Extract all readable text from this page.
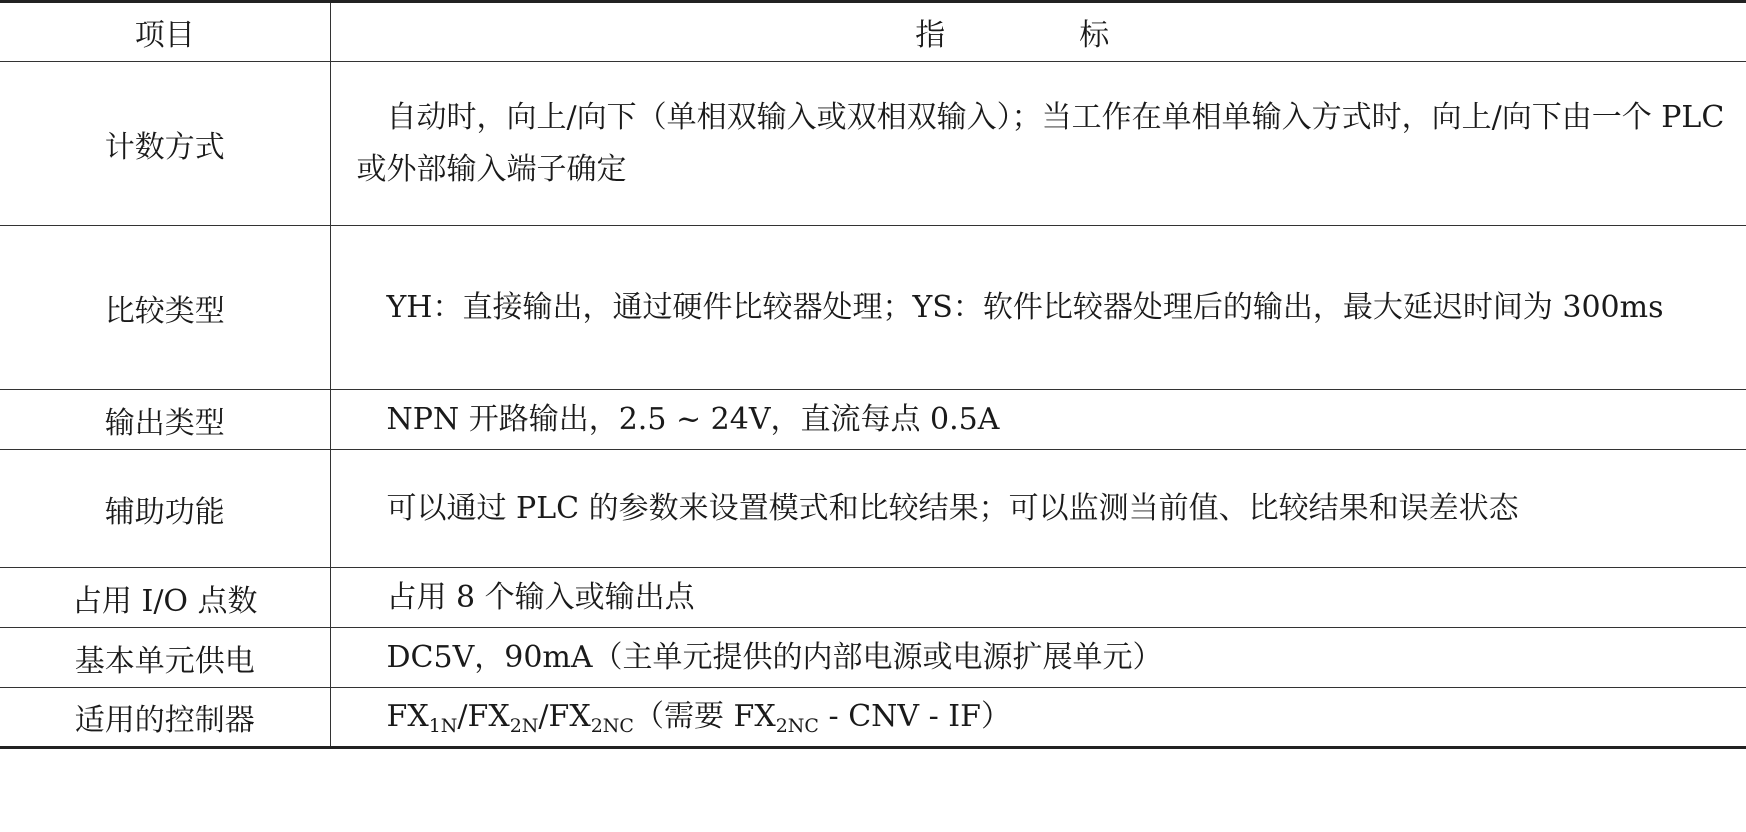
项目	指　标
计数方式	自动时，向上/向下（单相双输入或双相双输入）；当工作在单相单输入方式时，向上/向下由一个 PLC 或外部输入端子确定
比较类型	YH：直接输出，通过硬件比较器处理；YS：软件比较器处理后的输出，最大延迟时间为 300ms
输出类型	NPN 开路输出，2.5 ~ 24V，直流每点 0.5A
辅助功能	可以通过 PLC 的参数来设置模式和比较结果；可以监测当前值、比较结果和误差状态
占用 I/O 点数	占用 8 个输入或输出点
基本单元供电	DC5V，90mA（主单元提供的内部电源或电源扩展单元）
适用的控制器	$FX_{1N}/FX_{2N}/FX_{2NC}$（需要 $FX_{2NC}$ - CNV - IF）
